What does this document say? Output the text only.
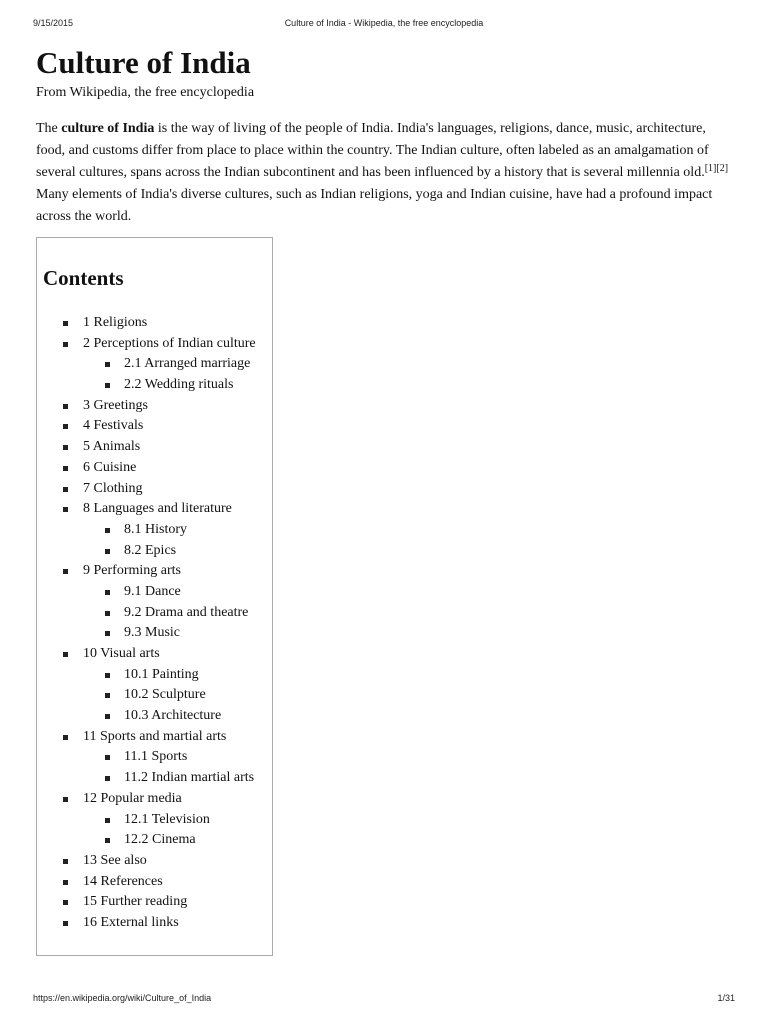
9/15/2015	Culture of India - Wikipedia, the free encyclopedia
Culture of India
From Wikipedia, the free encyclopedia

The culture of India is the way of living of the people of India. India's languages, religions, dance, music, architecture, food, and customs differ from place to place within the country. The Indian culture, often labeled as an amalgamation of several cultures, spans across the Indian subcontinent and has been influenced by a history that is several millennia old.[1][2] Many elements of India's diverse cultures, such as Indian religions, yoga and Indian cuisine, have had a profound impact across the world.

Contents
1 Religions
2 Perceptions of Indian culture
2.1 Arranged marriage
2.2 Wedding rituals
3 Greetings
4 Festivals
5 Animals
6 Cuisine
7 Clothing
8 Languages and literature
8.1 History
8.2 Epics
9 Performing arts
9.1 Dance
9.2 Drama and theatre
9.3 Music
10 Visual arts
10.1 Painting
10.2 Sculpture
10.3 Architecture
11 Sports and martial arts
11.1 Sports
11.2 Indian martial arts
12 Popular media
12.1 Television
12.2 Cinema
13 See also
14 References
15 Further reading
16 External links
https://en.wikipedia.org/wiki/Culture_of_India	1/31
